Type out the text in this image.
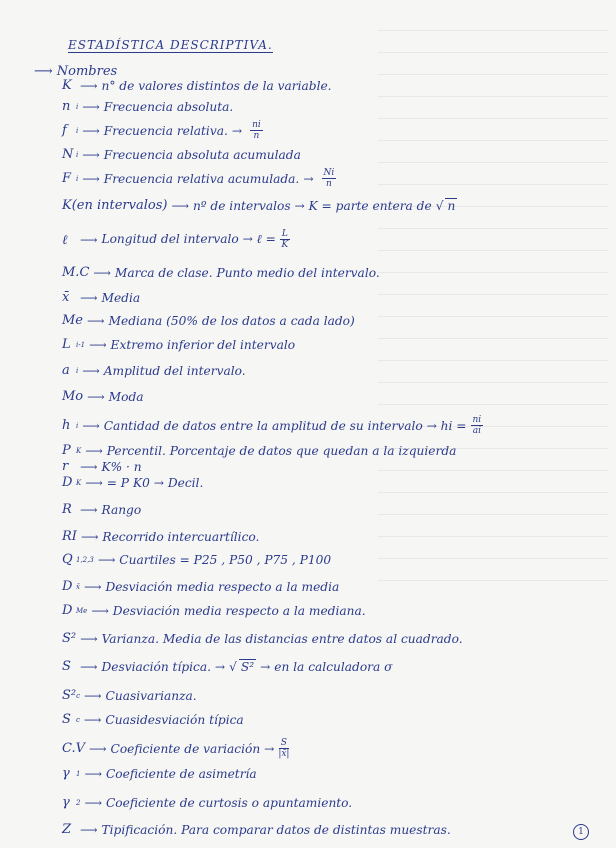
ESTADÍSTICA DESCRIPTIVA.
⟶ Nombres
K ⟶ n° de valores distintos de la variable.
n i ⟶ Frecuencia absoluta.
f	i ⟶ Frecuencia relativa. → $\frac{ni}{n}$
N i ⟶ Frecuencia absoluta acumulada
F i ⟶ Frecuencia relativa acumulada. → $\frac{Ni}{n}$
K(en intervalos) ⟶ nº de intervalos → K = parte entera de √ n
ℓ	⟶ Longitud del intervalo → ℓ = $\frac{L}{K}$
M.C ⟶ Marca de clase. Punto medio del intervalo.
x̄ ⟶ Media
Me ⟶ Mediana (50% de los datos a cada lado)
L i-1 ⟶ Extremo inferior del intervalo
a i ⟶ Amplitud del intervalo.
Mo ⟶ Moda
h i ⟶ Cantidad de datos entre la amplitud de su intervalo → hi = $\frac{ni}{ai}$
P K ⟶ Percentil. Porcentaje de datos que quedan a la izquierda
r ⟶ K% · n
D K ⟶ = P K0 → Decil.
R ⟶ Rango
RI ⟶ Recorrido intercuartílico.
Q 1,2,3 ⟶ Cuartiles = P25 , P50 , P75 , P100
D x̄ ⟶ Desviación media respecto a la media
D Me ⟶ Desviación media respecto a la mediana.
S² ⟶ Varianza. Media de las distancias entre datos al cuadrado.
S ⟶ Desviación típica. → √ S² → en la calculadora σ
S² c ⟶ Cuasivarianza.
S c ⟶ Cuasidesviación típica
C.V ⟶ Coeficiente de variación → $\frac{S}{|x̄|}$
γ 1 ⟶ Coeficiente de asimetría
γ 2 ⟶ Coeficiente de curtosis o apuntamiento.
Z ⟶ Tipificación. Para comparar datos de distintas muestras.	1
